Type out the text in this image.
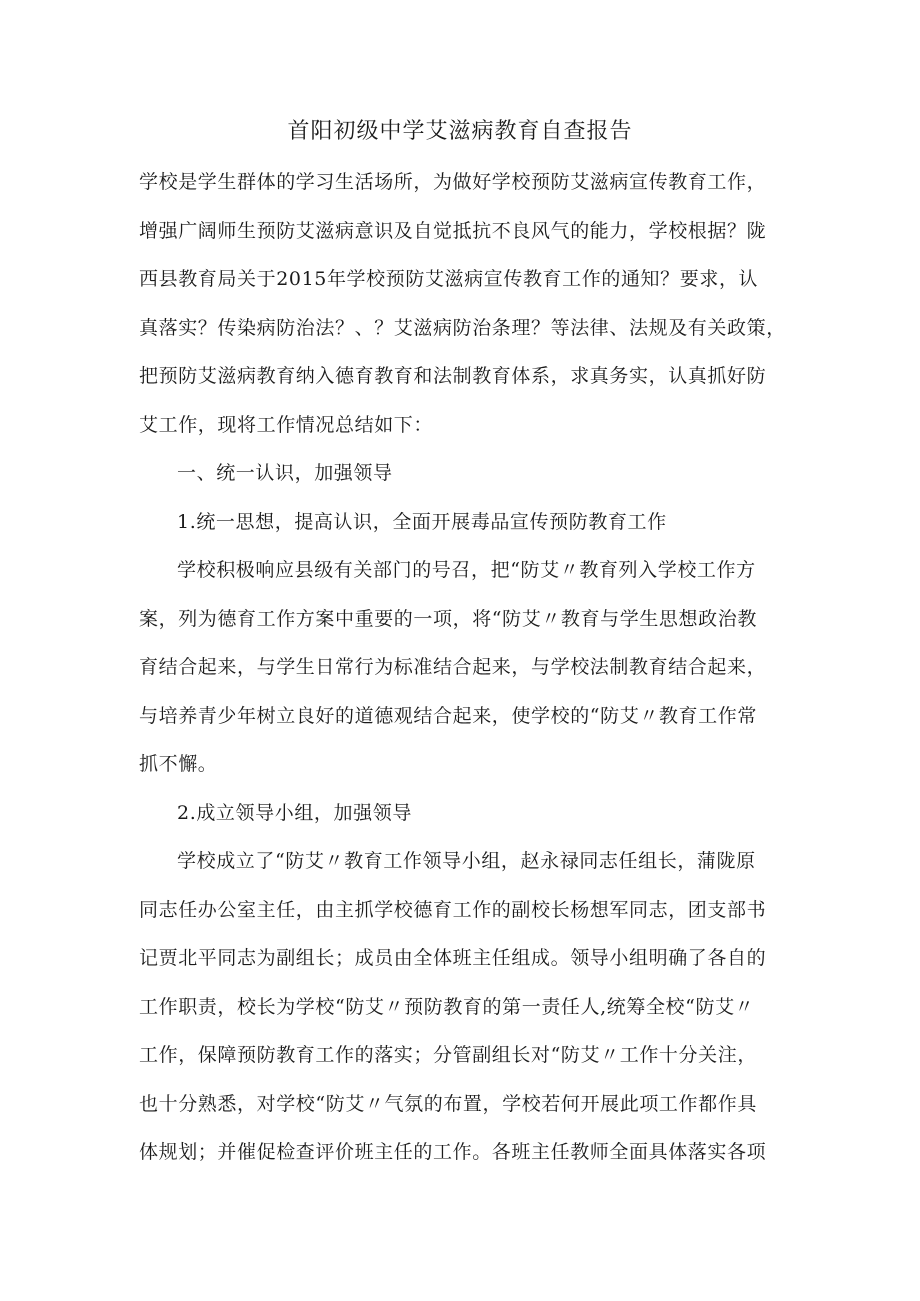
首阳初级中学艾滋病教育自查报告
学校是学生群体的学习生活场所，为做好学校预防艾滋病宣传教育工作，
增强广阔师生预防艾滋病意识及自觉抵抗不良风气的能力，学校根据？陇
西县教育局关于2015年学校预防艾滋病宣传教育工作的通知？要求，认
真落实？传染病防治法？、？艾滋病防治条理？等法律、法规及有关政策，
把预防艾滋病教育纳入德育教育和法制教育体系，求真务实，认真抓好防
艾工作，现将工作情况总结如下：
一、统一认识，加强领导
1.统一思想，提高认识，全面开展毒品宣传预防教育工作
学校积极响应县级有关部门的号召，把“防艾〃教育列入学校工作方
案，列为德育工作方案中重要的一项，将“防艾〃教育与学生思想政治教
育结合起来，与学生日常行为标准结合起来，与学校法制教育结合起来，
与培养青少年树立良好的道德观结合起来，使学校的“防艾〃教育工作常
抓不懈。
2.成立领导小组，加强领导
学校成立了“防艾〃教育工作领导小组，赵永禄同志任组长，蒲陇原
同志任办公室主任，由主抓学校德育工作的副校长杨想军同志，团支部书
记贾北平同志为副组长；成员由全体班主任组成。领导小组明确了各自的
工作职责，校长为学校“防艾〃预防教育的第一责任人,统筹全校“防艾〃
工作，保障预防教育工作的落实；分管副组长对“防艾〃工作十分关注，
也十分熟悉，对学校“防艾〃气氛的布置，学校若何开展此项工作都作具
体规划；并催促检查评价班主任的工作。各班主任教师全面具体落实各项
